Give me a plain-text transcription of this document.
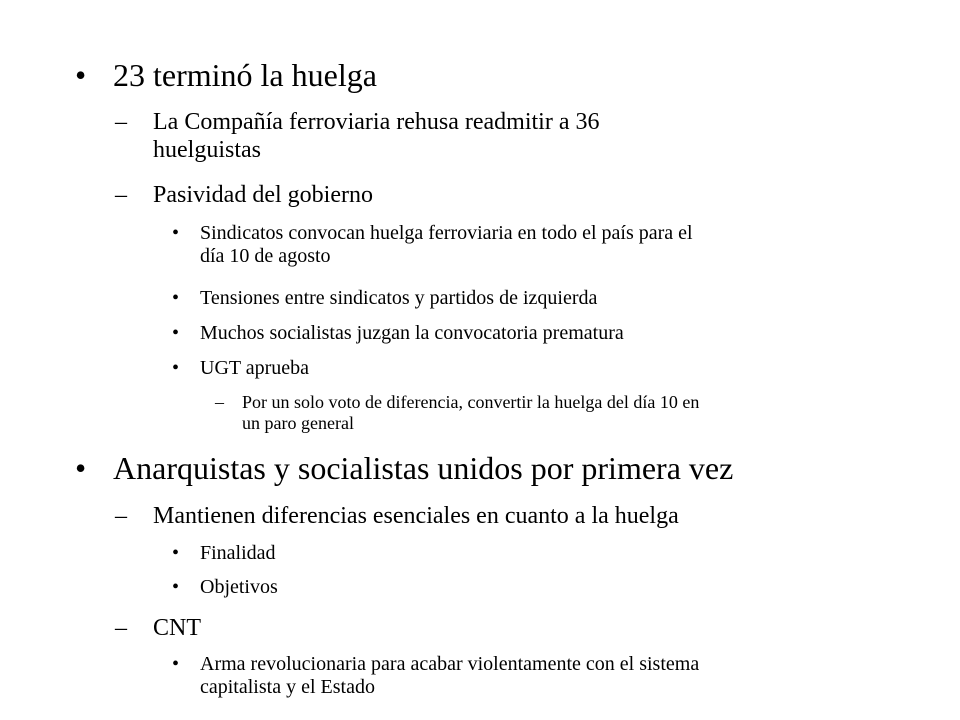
• 23 terminó la huelga
–	La Compañía ferroviaria rehusa readmitir a 36
huelguistas
–	Pasividad del gobierno
•	Sindicatos convocan huelga ferroviaria en todo el país para el
día 10 de agosto
•	Tensiones entre sindicatos y partidos de izquierda
•	Muchos socialistas juzgan la convocatoria prematura
•	UGT aprueba
–	Por un solo voto de diferencia, convertir la huelga del día 10 en
un paro general
• Anarquistas y socialistas unidos por primera vez
–	Mantienen diferencias esenciales en cuanto a la huelga
•	Finalidad
•	Objetivos
–	CNT
•	Arma revolucionaria para acabar violentamente con el sistema
capitalista y el Estado
